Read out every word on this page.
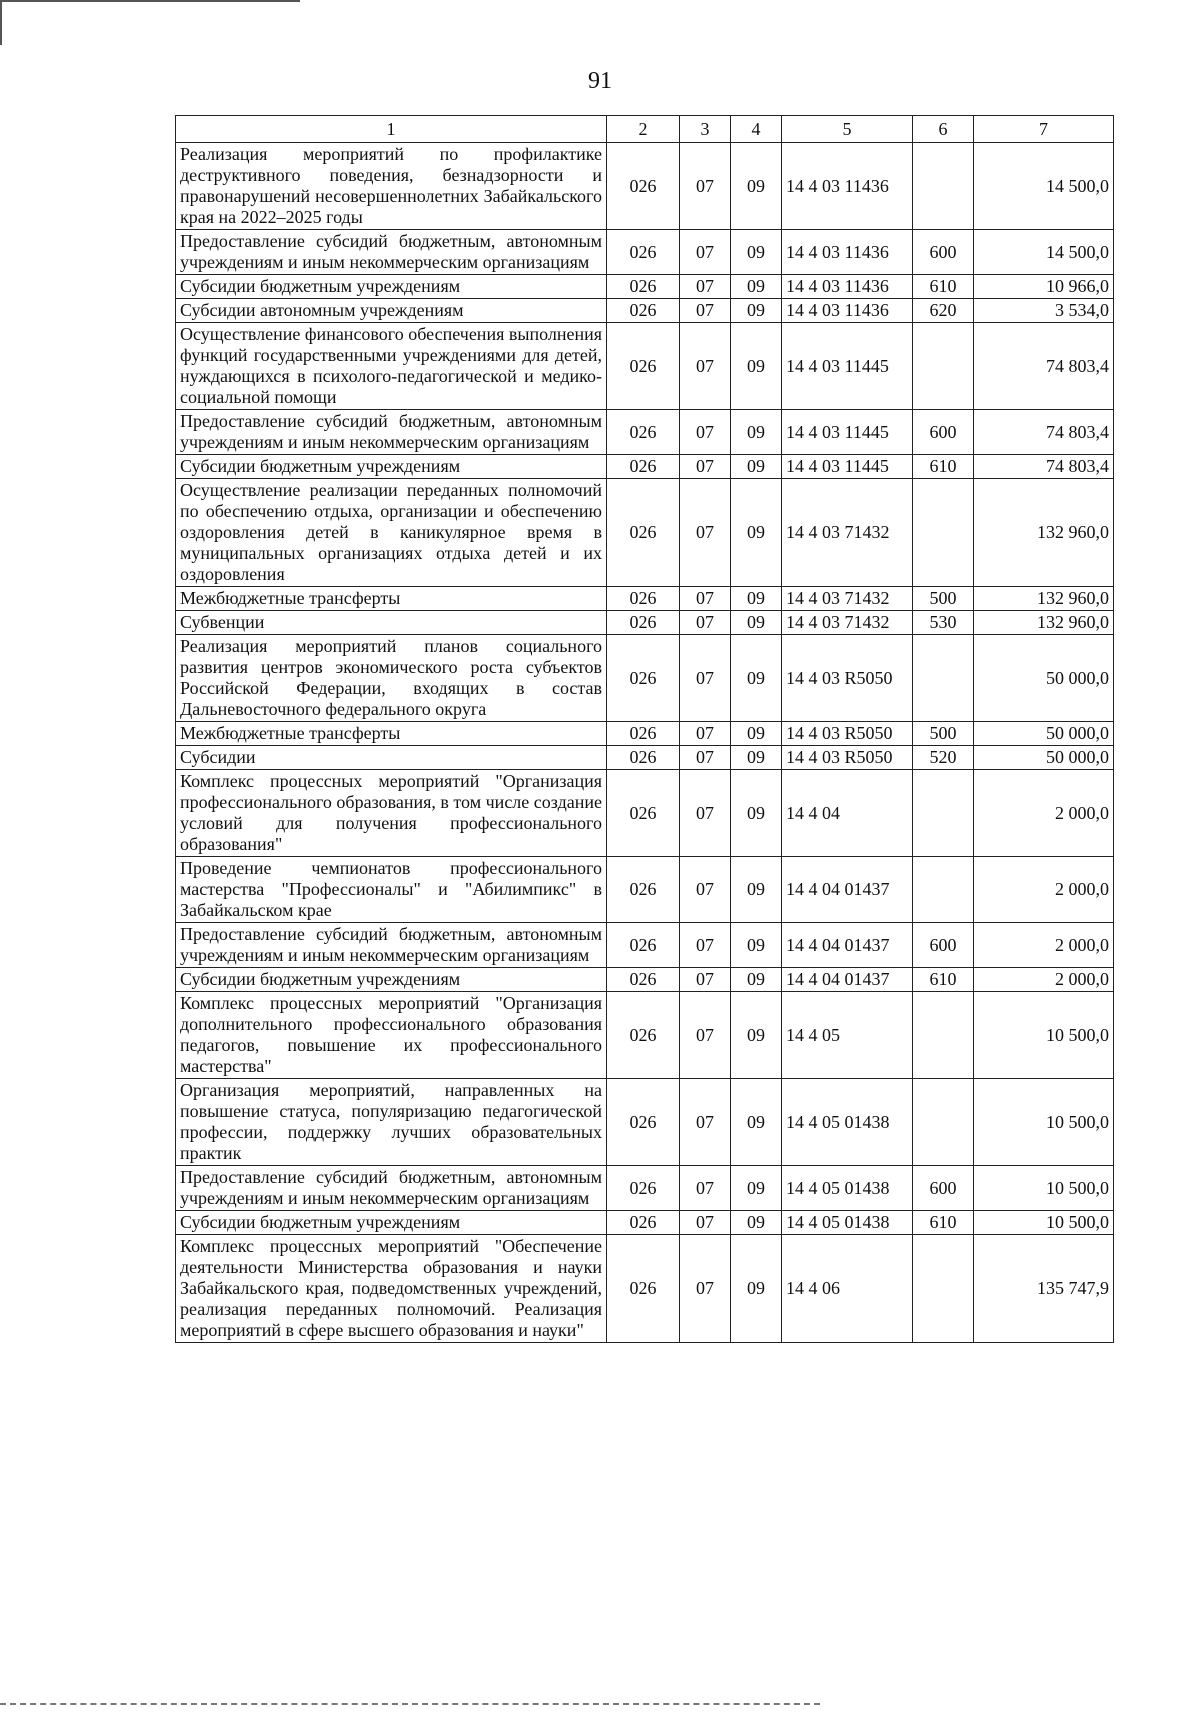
91
1	2	3	4	5	6	7
Реализация мероприятий по профилактике деструктивного поведения, безнадзорности и правонарушений несовершеннолетних Забайкальского края на 2022–2025 годы	026	07	09	14 4 03 11436		14 500,0
Предоставление субсидий бюджетным, автономным учреждениям и иным некоммерческим организациям	026	07	09	14 4 03 11436	600	14 500,0
Субсидии бюджетным учреждениям	026	07	09	14 4 03 11436	610	10 966,0
Субсидии автономным учреждениям	026	07	09	14 4 03 11436	620	3 534,0
Осуществление финансового обеспечения выполнения функций государственными учреждениями для детей, нуждающихся в психолого-педагогической и медико-социальной помощи	026	07	09	14 4 03 11445		74 803,4
Предоставление субсидий бюджетным, автономным учреждениям и иным некоммерческим организациям	026	07	09	14 4 03 11445	600	74 803,4
Субсидии бюджетным учреждениям	026	07	09	14 4 03 11445	610	74 803,4
Осуществление реализации переданных полномочий по обеспечению отдыха, организации и обеспечению оздоровления детей в каникулярное время в муниципальных организациях отдыха детей и их оздоровления	026	07	09	14 4 03 71432		132 960,0
Межбюджетные трансферты	026	07	09	14 4 03 71432	500	132 960,0
Субвенции	026	07	09	14 4 03 71432	530	132 960,0
Реализация мероприятий планов социального развития центров экономического роста субъектов Российской Федерации, входящих в состав Дальневосточного федерального округа	026	07	09	14 4 03 R5050		50 000,0
Межбюджетные трансферты	026	07	09	14 4 03 R5050	500	50 000,0
Субсидии	026	07	09	14 4 03 R5050	520	50 000,0
Комплекс процессных мероприятий "Организация профессионального образования, в том числе создание условий для получения профессионального образования"	026	07	09	14 4 04		2 000,0
Проведение чемпионатов профессионального мастерства "Профессионалы" и "Абилимпикс" в Забайкальском крае	026	07	09	14 4 04 01437		2 000,0
Предоставление субсидий бюджетным, автономным учреждениям и иным некоммерческим организациям	026	07	09	14 4 04 01437	600	2 000,0
Субсидии бюджетным учреждениям	026	07	09	14 4 04 01437	610	2 000,0
Комплекс процессных мероприятий "Организация дополнительного профессионального образования педагогов, повышение их профессионального мастерства"	026	07	09	14 4 05		10 500,0
Организация мероприятий, направленных на повышение статуса, популяризацию педагогической профессии, поддержку лучших образовательных практик	026	07	09	14 4 05 01438		10 500,0
Предоставление субсидий бюджетным, автономным учреждениям и иным некоммерческим организациям	026	07	09	14 4 05 01438	600	10 500,0
Субсидии бюджетным учреждениям	026	07	09	14 4 05 01438	610	10 500,0
Комплекс процессных мероприятий "Обеспечение деятельности Министерства образования и науки Забайкальского края, подведомственных учреждений, реализация переданных полномочий. Реализация мероприятий в сфере высшего образования и науки"	026	07	09	14 4 06		135 747,9
